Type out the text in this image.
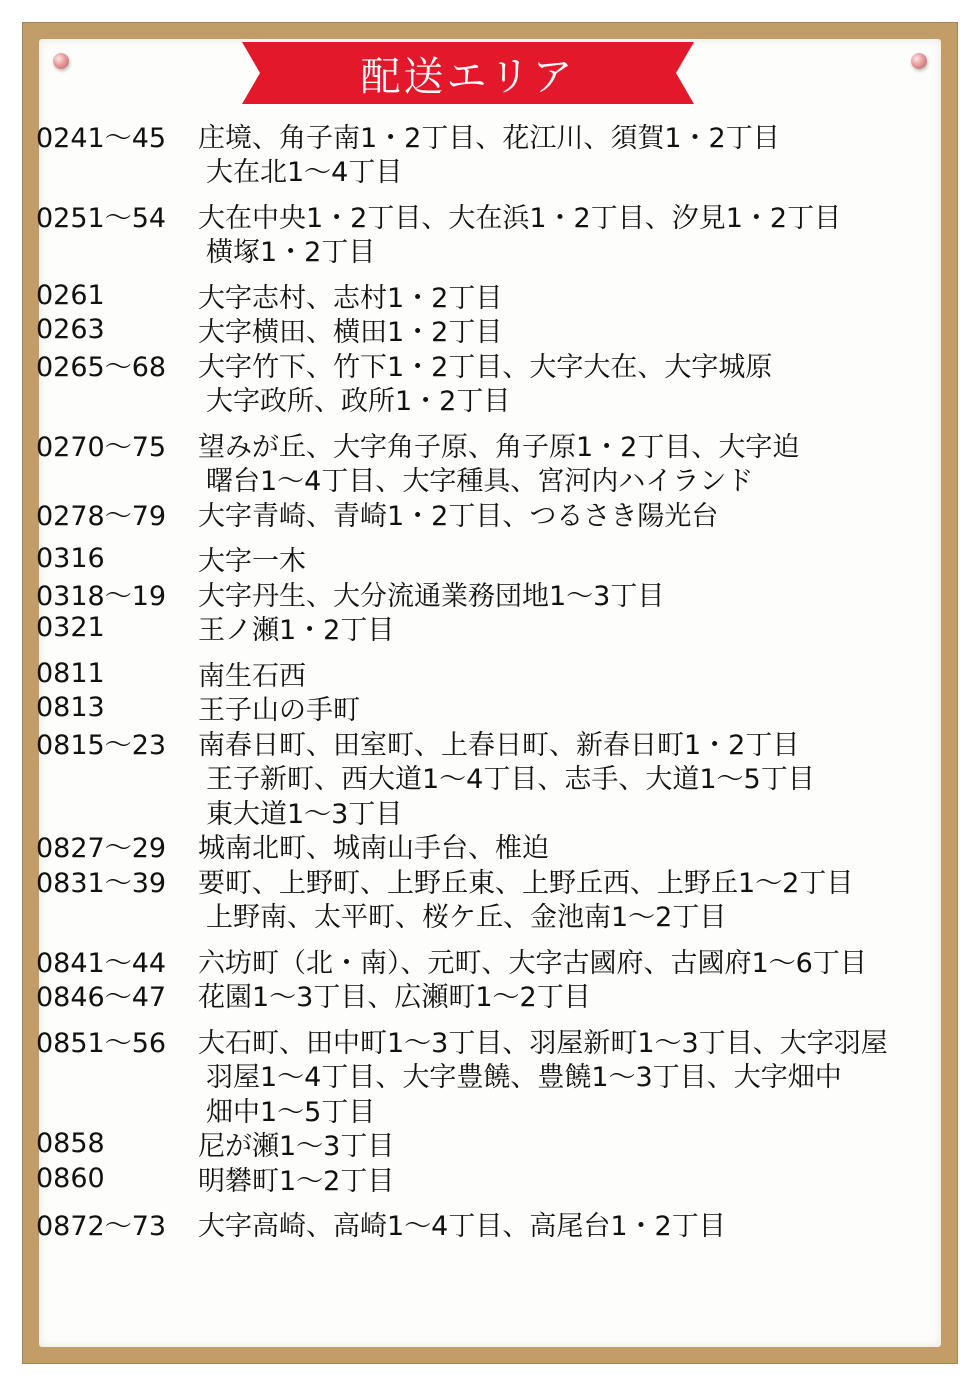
配送エリア
0241～45	庄境、角子南1・2丁目、花江川、須賀1・2丁目
大在北1～4丁目
0251～54	大在中央1・2丁目、大在浜1・2丁目、汐見1・2丁目
横塚1・2丁目
0261	大字志村、志村1・2丁目
0263	大字横田、横田1・2丁目
0265～68	大字竹下、竹下1・2丁目、大字大在、大字城原
大字政所、政所1・2丁目
0270～75	望みが丘、大字角子原、角子原1・2丁目、大字迫
曙台1～4丁目、大字種具、宮河内ハイランド
0278～79	大字青崎、青崎1・2丁目、つるさき陽光台
0316	大字一木
0318～19	大字丹生、大分流通業務団地1～3丁目
0321	王ノ瀬1・2丁目
0811	南生石西
0813	王子山の手町
0815～23	南春日町、田室町、上春日町、新春日町1・2丁目
王子新町、西大道1～4丁目、志手、大道1～5丁目
東大道1～3丁目
0827～29	城南北町、城南山手台、椎迫
0831～39	要町、上野町、上野丘東、上野丘西、上野丘1～2丁目
上野南、太平町、桜ケ丘、金池南1～2丁目
0841～44	六坊町（北・南）、元町、大字古國府、古國府1～6丁目
0846～47	花園1～3丁目、広瀬町1～2丁目
0851～56	大石町、田中町1～3丁目、羽屋新町1～3丁目、大字羽屋
羽屋1～4丁目、大字豊饒、豊饒1～3丁目、大字畑中
畑中1～5丁目
0858	尼が瀬1～3丁目
0860	明礬町1～2丁目
0872～73	大字高崎、高崎1～4丁目、高尾台1・2丁目
